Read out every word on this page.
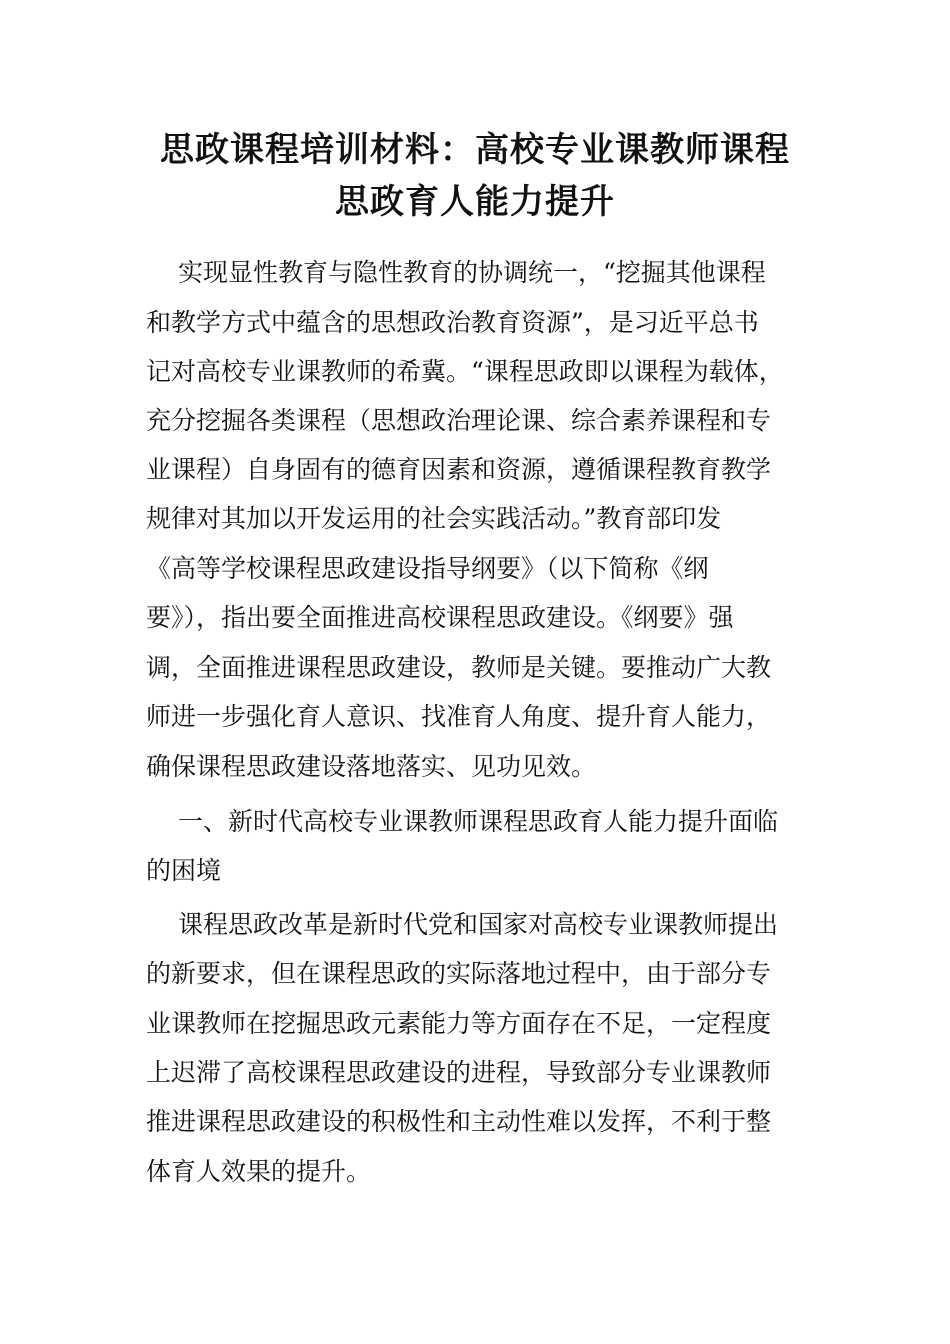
思政课程培训材料：高校专业课教师课程
思政育人能力提升

实现显性教育与隐性教育的协调统一，“挖掘其他课程

和教学方式中蕴含的思想政治教育资源”，是习近平总书

记对高校专业课教师的希冀。“课程思政即以课程为载体，

充分挖掘各类课程（思想政治理论课、综合素养课程和专

业课程）自身固有的德育因素和资源，遵循课程教育教学

规律对其加以开发运用的社会实践活动。”教育部印发

《高等学校课程思政建设指导纲要》（以下简称《纲

要》），指出要全面推进高校课程思政建设。《纲要》强

调，全面推进课程思政建设，教师是关键。要推动广大教

师进一步强化育人意识、找准育人角度、提升育人能力，

确保课程思政建设落地落实、见功见效。

一、新时代高校专业课教师课程思政育人能力提升面临

的困境

课程思政改革是新时代党和国家对高校专业课教师提出

的新要求，但在课程思政的实际落地过程中，由于部分专

业课教师在挖掘思政元素能力等方面存在不足，一定程度

上迟滞了高校课程思政建设的进程，导致部分专业课教师

推进课程思政建设的积极性和主动性难以发挥，不利于整

体育人效果的提升。
